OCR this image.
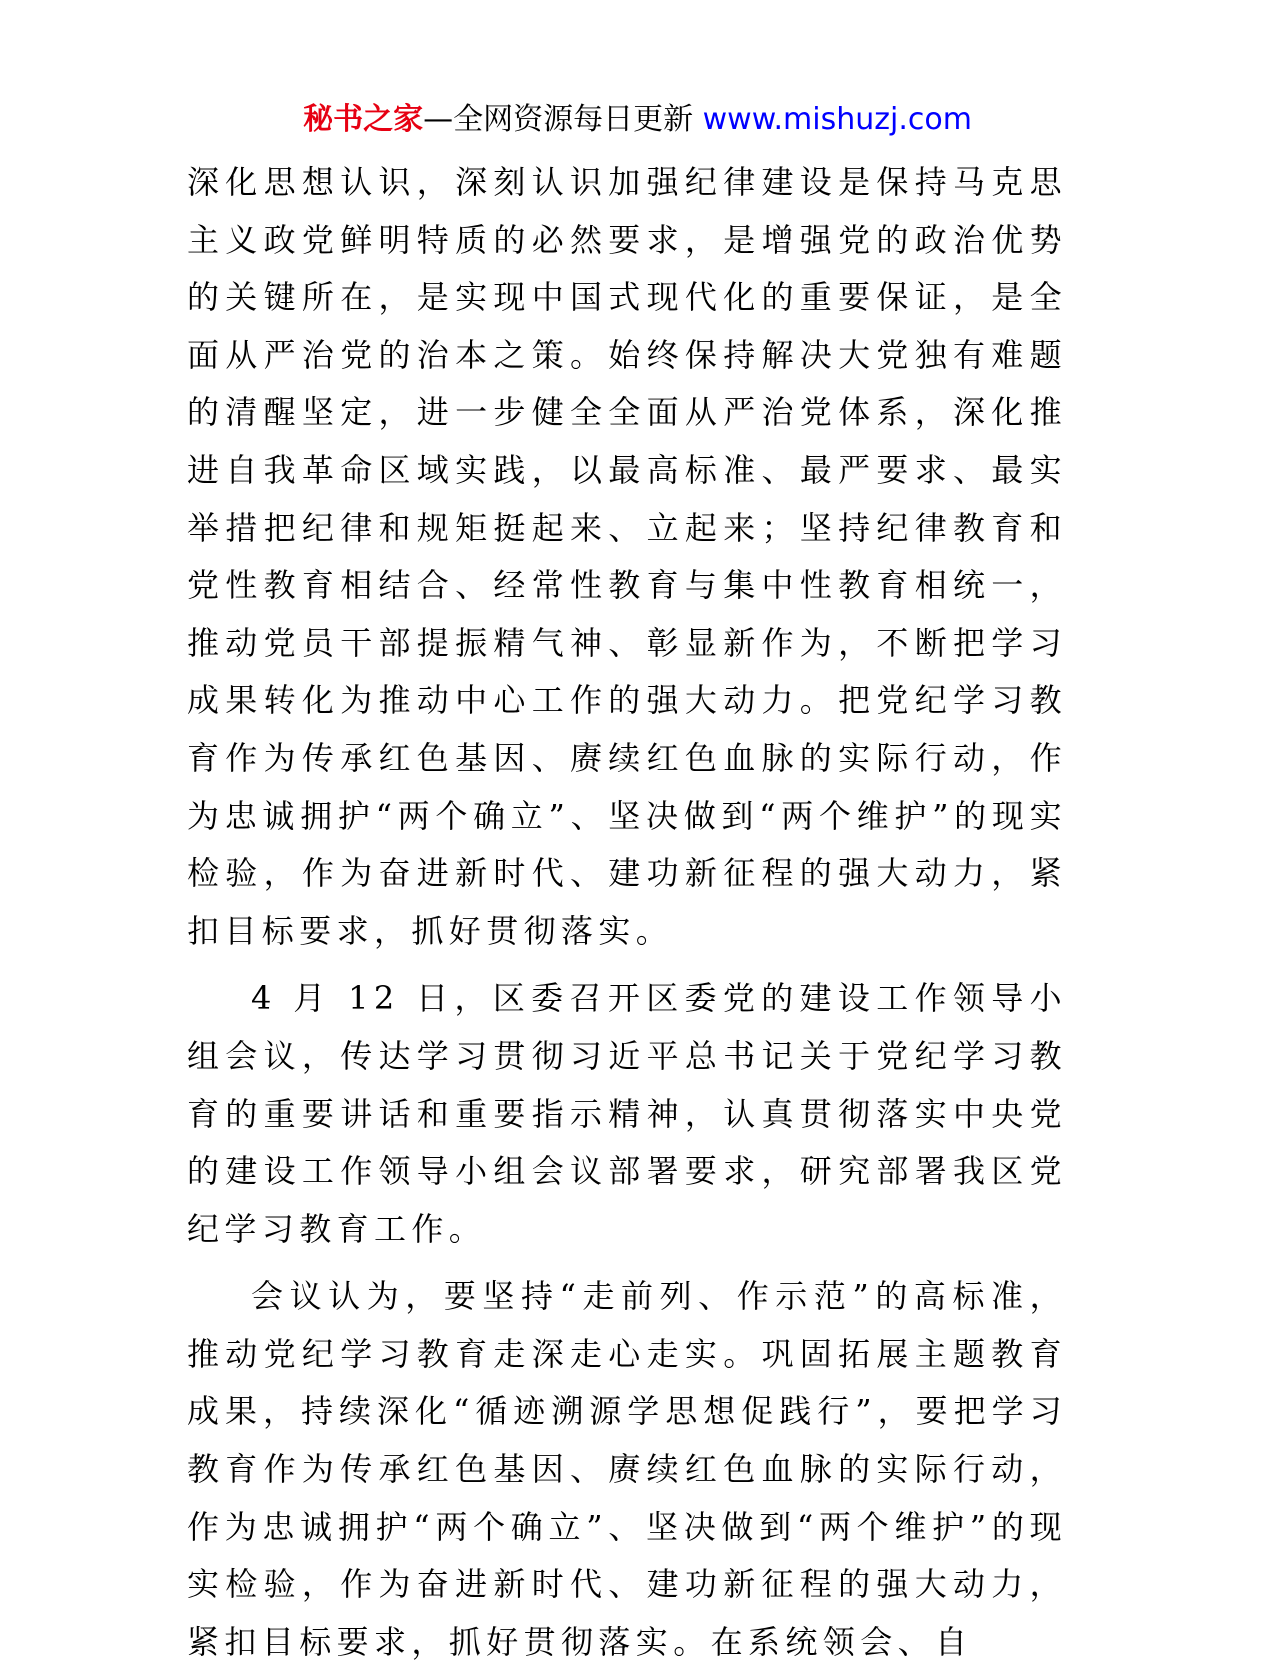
秘书之家—全网资源每日更新 www.mishuzj.com

深化思想认识，深刻认识加强纪律建设是保持马克思主义政党鲜明特质的必然要求，是增强党的政治优势的关键所在，是实现中国式现代化的重要保证，是全面从严治党的治本之策。始终保持解决大党独有难题的清醒坚定，进一步健全全面从严治党体系，深化推进自我革命区域实践，以最高标准、最严要求、最实举措把纪律和规矩挺起来、立起来；坚持纪律教育和党性教育相结合、经常性教育与集中性教育相统一，推动党员干部提振精气神、彰显新作为，不断把学习成果转化为推动中心工作的强大动力。把党纪学习教育作为传承红色基因、赓续红色血脉的实际行动，作为忠诚拥护“两个确立”、坚决做到“两个维护”的现实检验，作为奋进新时代、建功新征程的强大动力，紧扣目标要求，抓好贯彻落实。

4 月 12 日，区委召开区委党的建设工作领导小组会议，传达学习贯彻习近平总书记关于党纪学习教育的重要讲话和重要指示精神，认真贯彻落实中央党的建设工作领导小组会议部署要求，研究部署我区党纪学习教育工作。

会议认为，要坚持“走前列、作示范”的高标准，推动党纪学习教育走深走心走实。巩固拓展主题教育成果，持续深化“循迹溯源学思想促践行”，要把学习教育作为传承红色基因、赓续红色血脉的实际行动，作为忠诚拥护“两个确立”、坚决做到“两个维护”的现实检验，作为奋进新时代、建功新征程的强大动力，紧扣目标要求，抓好贯彻落实。在系统领会、自
